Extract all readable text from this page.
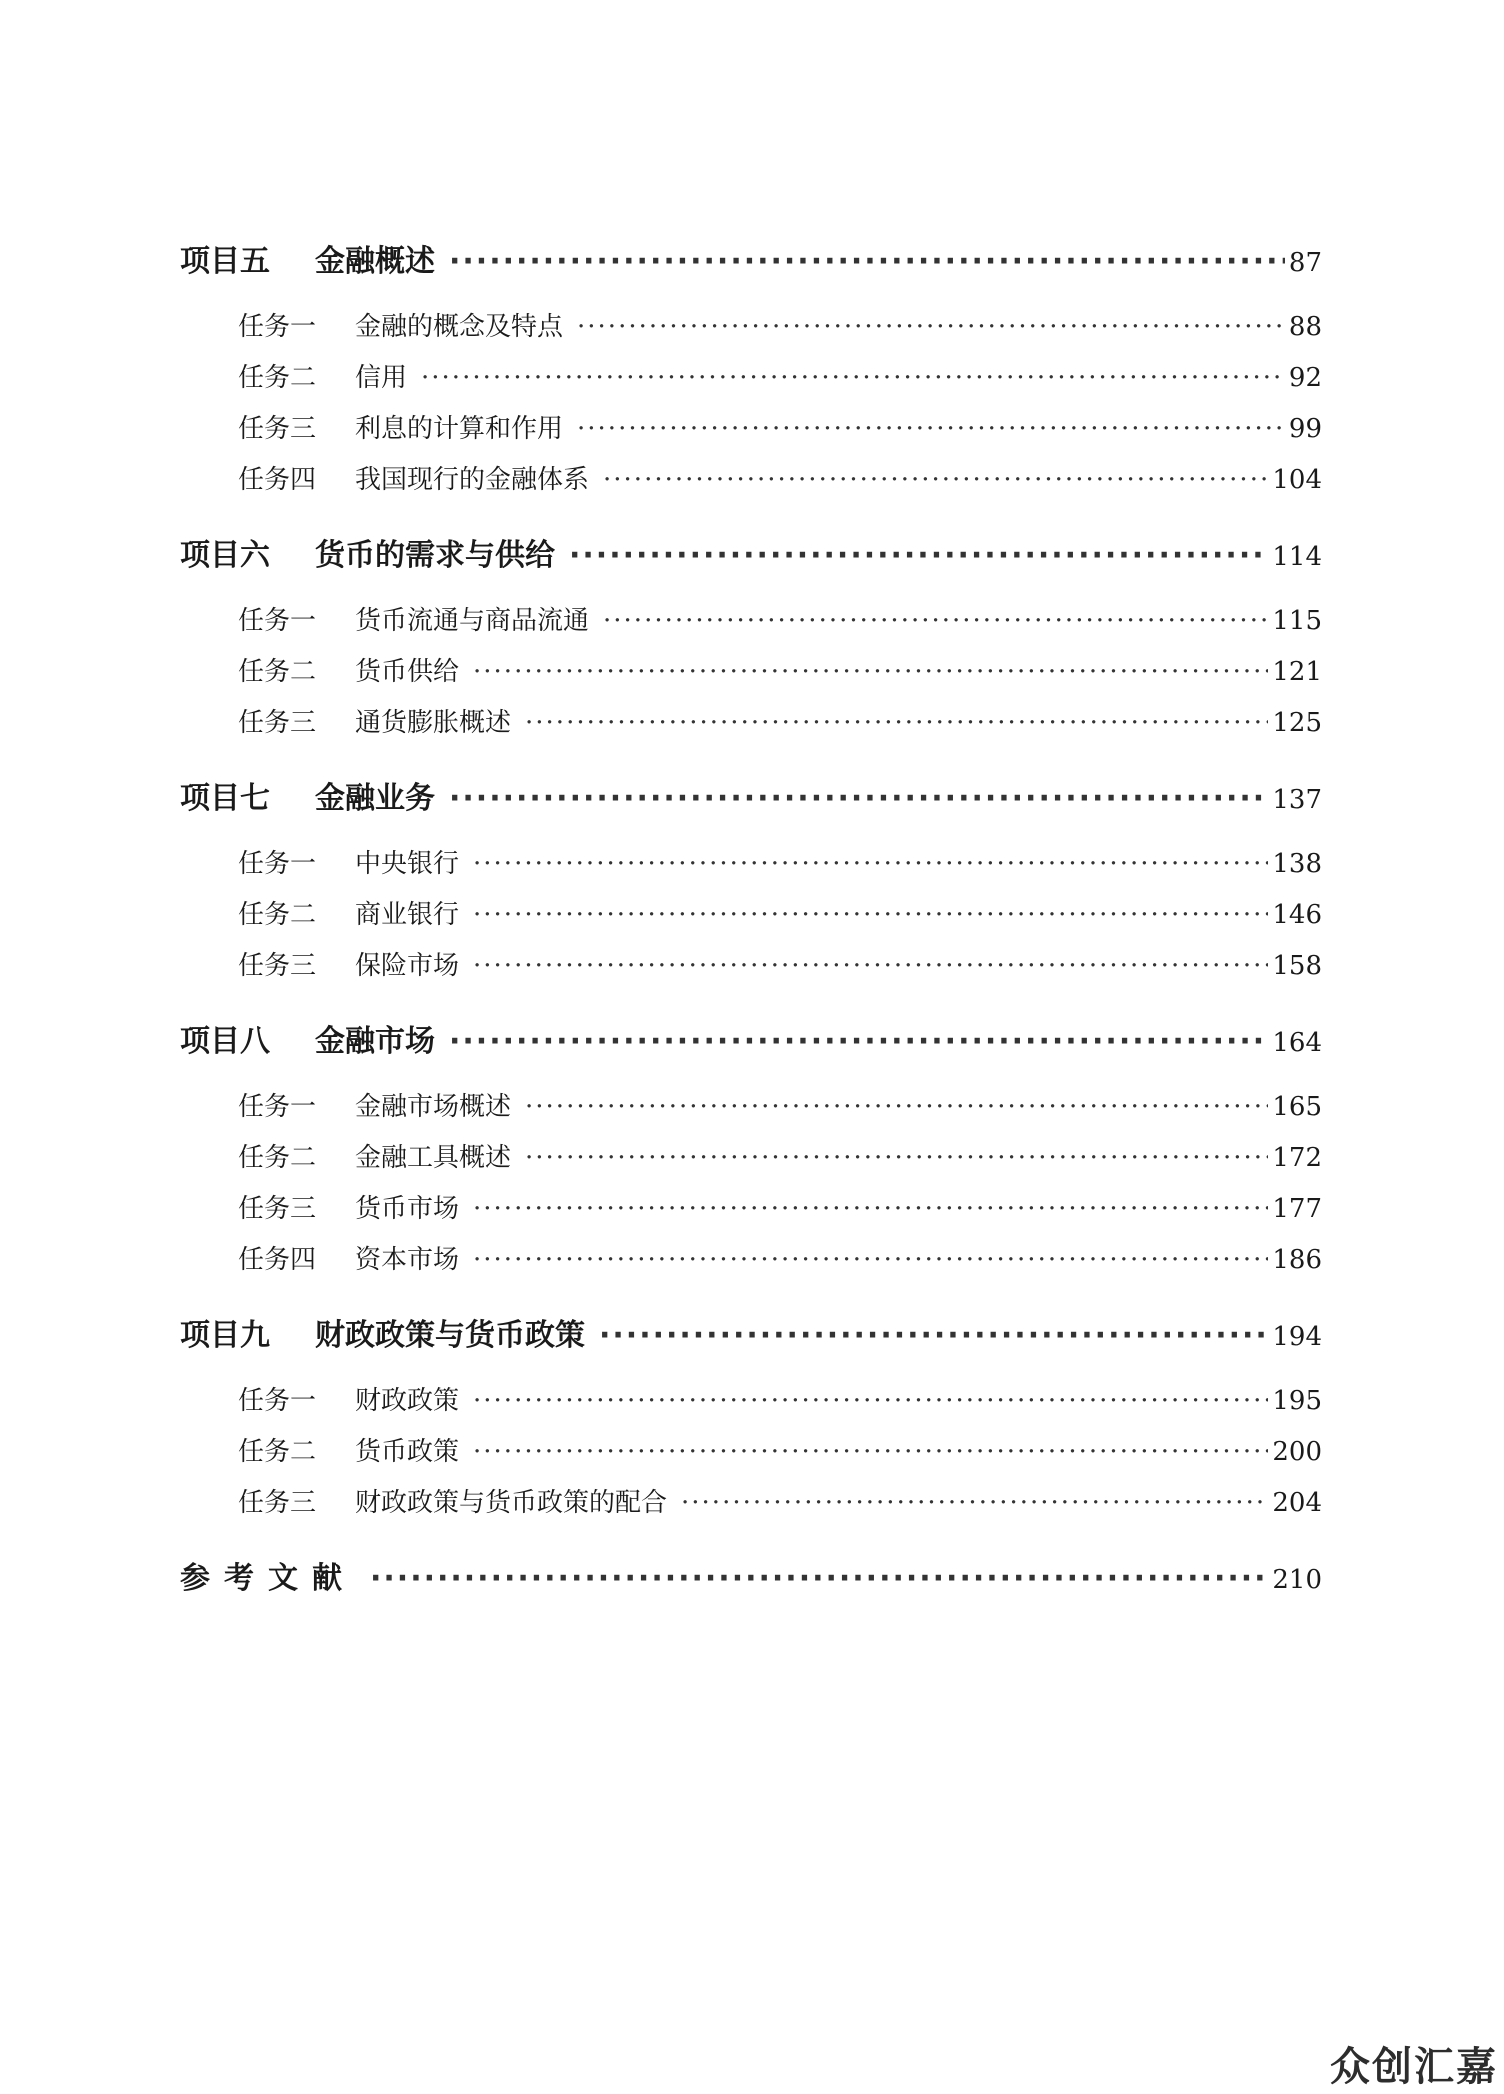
项目五 金融概述 ·····	87
任务一 金融的概念及特点 ·····	88
任务二 信用 ·····	92
任务三 利息的计算和作用 ·····	99
任务四 我国现行的金融体系 ·····	104
项目六 货币的需求与供给 ·····	114
任务一 货币流通与商品流通 ·····	115
任务二 货币供给 ·····	121
任务三 通货膨胀概述 ·····	125
项目七 金融业务 ·····	137
任务一 中央银行 ·····	138
任务二 商业银行 ·····	146
任务三 保险市场 ·····	158
项目八 金融市场 ·····	164
任务一 金融市场概述 ·····	165
任务二 金融工具概述 ·····	172
任务三 货币市场 ·····	177
任务四 资本市场 ·····	186
项目九 财政政策与货币政策 ·····	194
任务一 财政政策 ·····	195
任务二 货币政策 ·····	200
任务三 财政政策与货币政策的配合 ·····	204
参考文献 ·····	210
众创汇嘉
